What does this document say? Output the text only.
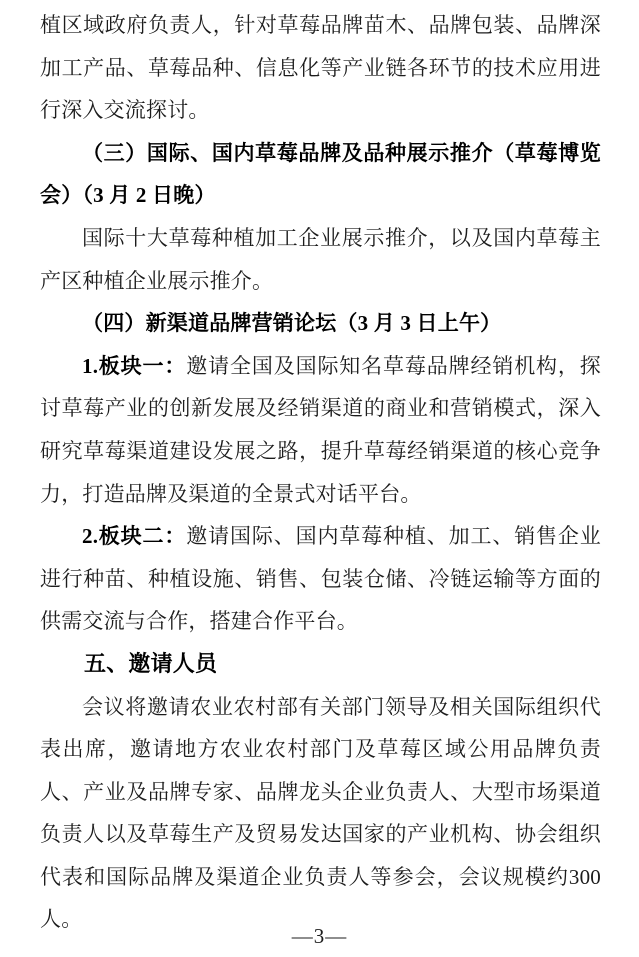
植区域政府负责人，针对草莓品牌苗木、品牌包装、品牌深加工产品、草莓品种、信息化等产业链各环节的技术应用进行深入交流探讨。

（三）国际、国内草莓品牌及品种展示推介（草莓博览会）（3 月 2 日晚）

国际十大草莓种植加工企业展示推介，以及国内草莓主产区种植企业展示推介。

（四）新渠道品牌营销论坛（3 月 3 日上午）

1.板块一：邀请全国及国际知名草莓品牌经销机构，探讨草莓产业的创新发展及经销渠道的商业和营销模式，深入研究草莓渠道建设发展之路，提升草莓经销渠道的核心竞争力，打造品牌及渠道的全景式对话平台。

2.板块二：邀请国际、国内草莓种植、加工、销售企业进行种苗、种植设施、销售、包装仓储、冷链运输等方面的供需交流与合作，搭建合作平台。

五、邀请人员

会议将邀请农业农村部有关部门领导及相关国际组织代表出席，邀请地方农业农村部门及草莓区域公用品牌负责人、产业及品牌专家、品牌龙头企业负责人、大型市场渠道负责人以及草莓生产及贸易发达国家的产业机构、协会组织代表和国际品牌及渠道企业负责人等参会，会议规模约300人。

—3—
